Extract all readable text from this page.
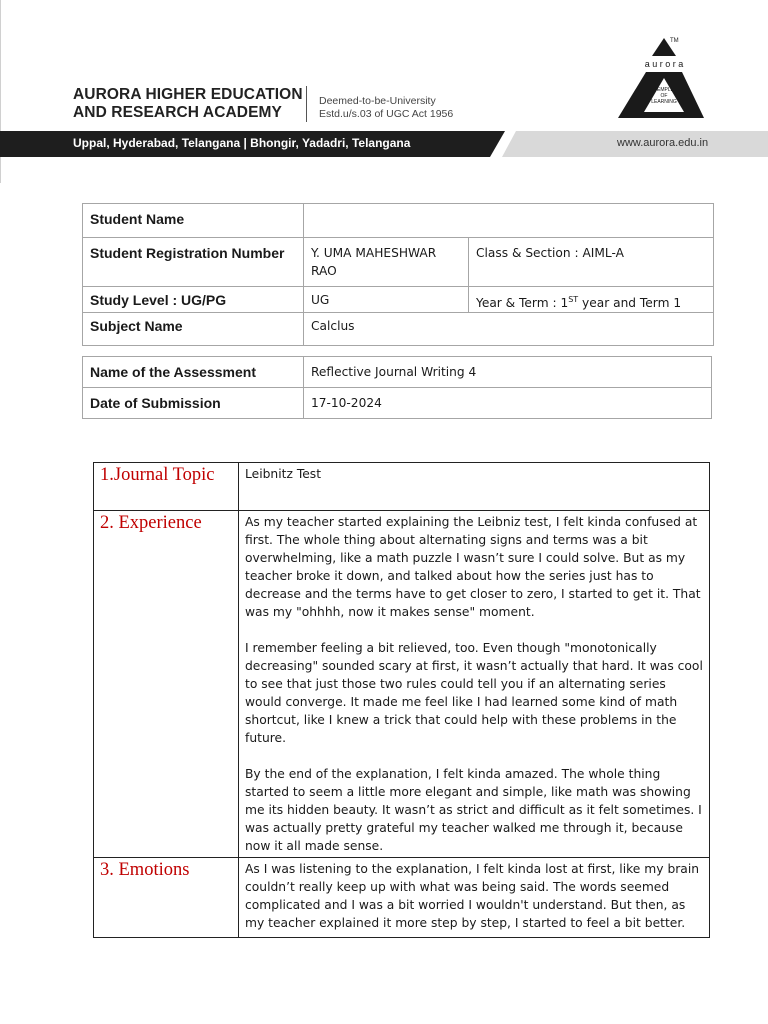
AURORA HIGHER EDUCATION
AND RESEARCH ACADEMY
Deemed-to-be-University
Estd.u/s.03 of UGC Act 1956
TM
a u r o r a
TEMPLE
OF
LEARNING
Uppal, Hyderabad, Telangana | Bhongir, Yadadri, Telangana	www.aurora.edu.in
Student Name		
Student Registration Number	Y. UMA MAHESHWAR RAO	Class & Section : AIML-A
Study Level : UG/PG	UG	Year & Term : 1ST year and Term 1
Subject Name	Calclus	
Name of the Assessment	Reflective Journal Writing 4
Date of Submission	17-10-2024
1.Journal Topic	Leibnitz Test
2. Experience	As my teacher started explaining the Leibniz test, I felt kinda confused at first. The whole thing about alternating signs and terms was a bit overwhelming, like a math puzzle I wasn’t sure I could solve. But as my teacher broke it down, and talked about how the series just has to decrease and the terms have to get closer to zero, I started to get it. That was my "ohhhh, now it makes sense" moment.

I remember feeling a bit relieved, too. Even though "monotonically decreasing" sounded scary at first, it wasn’t actually that hard. It was cool to see that just those two rules could tell you if an alternating series would converge. It made me feel like I had learned some kind of math shortcut, like I knew a trick that could help with these problems in the future.

By the end of the explanation, I felt kinda amazed. The whole thing started to seem a little more elegant and simple, like math was showing me its hidden beauty. It wasn’t as strict and difficult as it felt sometimes. I was actually pretty grateful my teacher walked me through it, because now it all made sense.

3. Emotions	As I was listening to the explanation, I felt kinda lost at first, like my brain couldn’t really keep up with what was being said. The words seemed complicated and I was a bit worried I wouldn't understand. But then, as my teacher explained it more step by step, I started to feel a bit better.
